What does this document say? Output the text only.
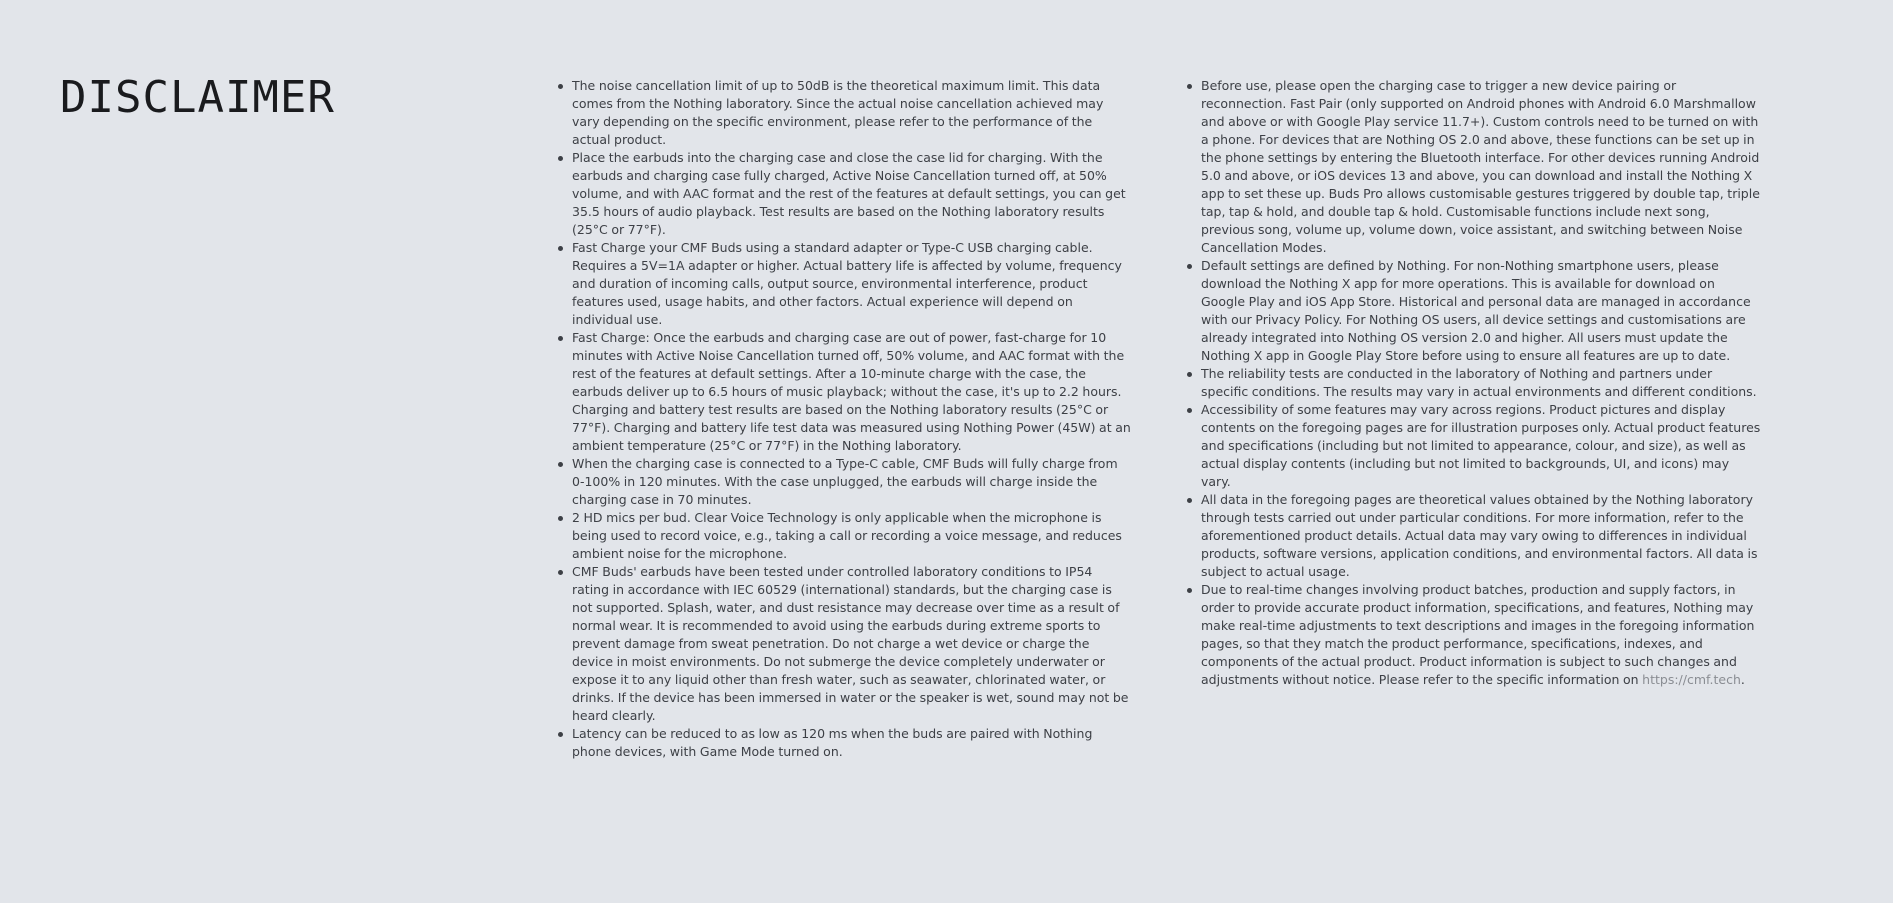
DISCLAIMER	The noise cancellation limit of up to 50dB is the theoretical maximum limit. This data comes from the Nothing laboratory. Since the actual noise cancellation achieved may vary depending on the specific environment, please refer to the performance of the actual product.
Place the earbuds into the charging case and close the case lid for charging. With the earbuds and charging case fully charged, Active Noise Cancellation turned off, at 50% volume, and with AAC format and the rest of the features at default settings, you can get 35.5 hours of audio playback. Test results are based on the Nothing laboratory results (25°C or 77°F).
Fast Charge your CMF Buds using a standard adapter or Type-C USB charging cable. Requires a 5V=1A adapter or higher. Actual battery life is affected by volume, frequency and duration of incoming calls, output source, environmental interference, product features used, usage habits, and other factors. Actual experience will depend on individual use.
Fast Charge: Once the earbuds and charging case are out of power, fast-charge for 10 minutes with Active Noise Cancellation turned off, 50% volume, and AAC format with the rest of the features at default settings. After a 10-minute charge with the case, the earbuds deliver up to 6.5 hours of music playback; without the case, it's up to 2.2 hours. Charging and battery test results are based on the Nothing laboratory results (25°C or 77°F). Charging and battery life test data was measured using Nothing Power (45W) at an ambient temperature (25°C or 77°F) in the Nothing laboratory.
When the charging case is connected to a Type-C cable, CMF Buds will fully charge from 0-100% in 120 minutes. With the case unplugged, the earbuds will charge inside the charging case in 70 minutes.
2 HD mics per bud. Clear Voice Technology is only applicable when the microphone is being used to record voice, e.g., taking a call or recording a voice message, and reduces ambient noise for the microphone.
CMF Buds' earbuds have been tested under controlled laboratory conditions to IP54 rating in accordance with IEC 60529 (international) standards, but the charging case is not supported. Splash, water, and dust resistance may decrease over time as a result of normal wear. It is recommended to avoid using the earbuds during extreme sports to prevent damage from sweat penetration. Do not charge a wet device or charge the device in moist environments. Do not submerge the device completely underwater or expose it to any liquid other than fresh water, such as seawater, chlorinated water, or drinks. If the device has been immersed in water or the speaker is wet, sound may not be heard clearly.
Latency can be reduced to as low as 120 ms when the buds are paired with Nothing phone devices, with Game Mode turned on.
Before use, please open the charging case to trigger a new device pairing or reconnection. Fast Pair (only supported on Android phones with Android 6.0 Marshmallow and above or with Google Play service 11.7+). Custom controls need to be turned on with a phone. For devices that are Nothing OS 2.0 and above, these functions can be set up in the phone settings by entering the Bluetooth interface. For other devices running Android 5.0 and above, or iOS devices 13 and above, you can download and install the Nothing X app to set these up. Buds Pro allows customisable gestures triggered by double tap, triple tap, tap & hold, and double tap & hold. Customisable functions include next song, previous song, volume up, volume down, voice assistant, and switching between Noise Cancellation Modes.
Default settings are defined by Nothing. For non-Nothing smartphone users, please download the Nothing X app for more operations. This is available for download on Google Play and iOS App Store. Historical and personal data are managed in accordance with our Privacy Policy. For Nothing OS users, all device settings and customisations are already integrated into Nothing OS version 2.0 and higher. All users must update the Nothing X app in Google Play Store before using to ensure all features are up to date.
The reliability tests are conducted in the laboratory of Nothing and partners under specific conditions. The results may vary in actual environments and different conditions.
Accessibility of some features may vary across regions. Product pictures and display contents on the foregoing pages are for illustration purposes only. Actual product features and specifications (including but not limited to appearance, colour, and size), as well as actual display contents (including but not limited to backgrounds, UI, and icons) may vary.
All data in the foregoing pages are theoretical values obtained by the Nothing laboratory through tests carried out under particular conditions. For more information, refer to the aforementioned product details. Actual data may vary owing to differences in individual products, software versions, application conditions, and environmental factors. All data is subject to actual usage.
Due to real-time changes involving product batches, production and supply factors, in order to provide accurate product information, specifications, and features, Nothing may make real-time adjustments to text descriptions and images in the foregoing information pages, so that they match the product performance, specifications, indexes, and components of the actual product. Product information is subject to such changes and adjustments without notice. Please refer to the specific information on https://cmf.tech.
